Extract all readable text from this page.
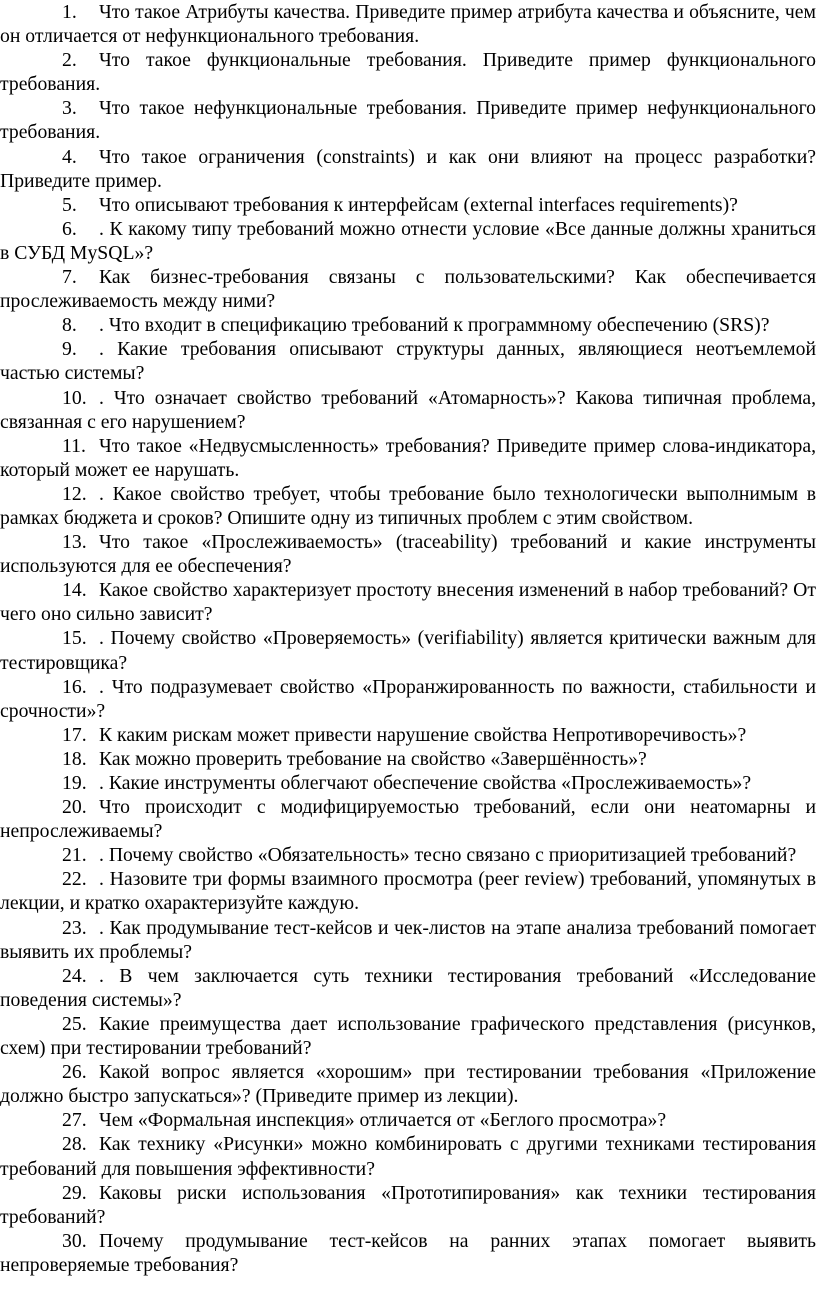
1. Что такое Атрибуты качества. Приведите пример атрибута качества и объясните, чем он отличается от нефункционального требования.

2. Что такое функциональные требования. Приведите пример функционального требования.

3. Что такое нефункциональные требования. Приведите пример нефункционального требования.

4. Что такое ограничения (constraints) и как они влияют на процесс разработки? Приведите пример.

5. Что описывают требования к интерфейсам (external interfaces requirements)?

6. . К какому типу требований можно отнести условие «Все данные должны храниться в СУБД MySQL»?

7. Как бизнес-требования связаны с пользовательскими? Как обеспечивается прослеживаемость между ними?

8. . Что входит в спецификацию требований к программному обеспечению (SRS)?

9. . Какие требования описывают структуры данных, являющиеся неотъемлемой частью системы?

10. . Что означает свойство требований «Атомарность»? Какова типичная проблема, связанная с его нарушением?

11. Что такое «Недвусмысленность» требования? Приведите пример слова-индикатора, который может ее нарушать.

12. . Какое свойство требует, чтобы требование было технологически выполнимым в рамках бюджета и сроков? Опишите одну из типичных проблем с этим свойством.

13. Что такое «Прослеживаемость» (traceability) требований и какие инструменты используются для ее обеспечения?

14. Какое свойство характеризует простоту внесения изменений в набор требований? От чего оно сильно зависит?

15. . Почему свойство «Проверяемость» (verifiability) является критически важным для тестировщика?

16. . Что подразумевает свойство «Проранжированность по важности, стабильности и срочности»?

17. К каким рискам может привести нарушение свойства Непротиворечивость»?

18. Как можно проверить требование на свойство «Завершённость»?

19. . Какие инструменты облегчают обеспечение свойства «Прослеживаемость»?

20. Что происходит с модифицируемостью требований, если они неатомарны и непрослеживаемы?

21. . Почему свойство «Обязательность» тесно связано с приоритизацией требований?

22. . Назовите три формы взаимного просмотра (peer review) требований, упомянутых в лекции, и кратко охарактеризуйте каждую.

23. . Как продумывание тест-кейсов и чек-листов на этапе анализа требований помогает выявить их проблемы?

24. . В чем заключается суть техники тестирования требований «Исследование поведения системы»?

25. Какие преимущества дает использование графического представления (рисунков, схем) при тестировании требований?

26. Какой вопрос является «хорошим» при тестировании требования «Приложение должно быстро запускаться»? (Приведите пример из лекции).

27. Чем «Формальная инспекция» отличается от «Беглого просмотра»?

28. Как технику «Рисунки» можно комбинировать с другими техниками тестирования требований для повышения эффективности?

29. Каковы риски использования «Прототипирования» как техники тестирования требований?

30. Почему продумывание тест-кейсов на ранних этапах помогает выявить непроверяемые требования?
